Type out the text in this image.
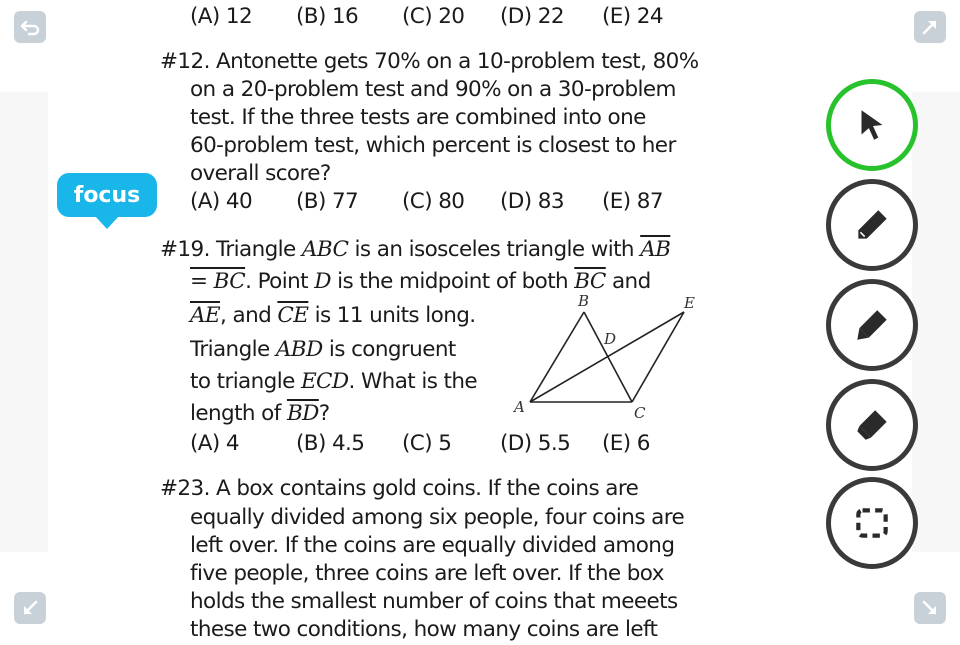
(A) 12 (B) 16 (C) 20 (D) 22 (E) 24
#12. Antonette gets 70% on a 10-problem test, 80%
on a 20-problem test and 90% on a 30-problem
test. If the three tests are combined into one
60-problem test, which percent is closest to her
overall score?
(A) 40 (B) 77 (C) 80 (D) 83 (E) 87
#19. Triangle ABC is an isosceles triangle with $\overline{AB}$
= BC. Point D is the midpoint of both $\overline{BC}$ and
$\overline{AE}$, and $\overline{CE}$ is 11 units long.
Triangle ABD is congruent
to triangle ECD. What is the
length of $\overline{BD}$?
(A) 4	(B) 4.5 (C) 5 (D) 5.5 (E) 6
A
B
C
D
E
#23. A box contains gold coins. If the coins are
equally divided among six people, four coins are
left over. If the coins are equally divided among
five people, three coins are left over. If the box
holds the smallest number of coins that meeets
these two conditions, how many coins are left
focus
